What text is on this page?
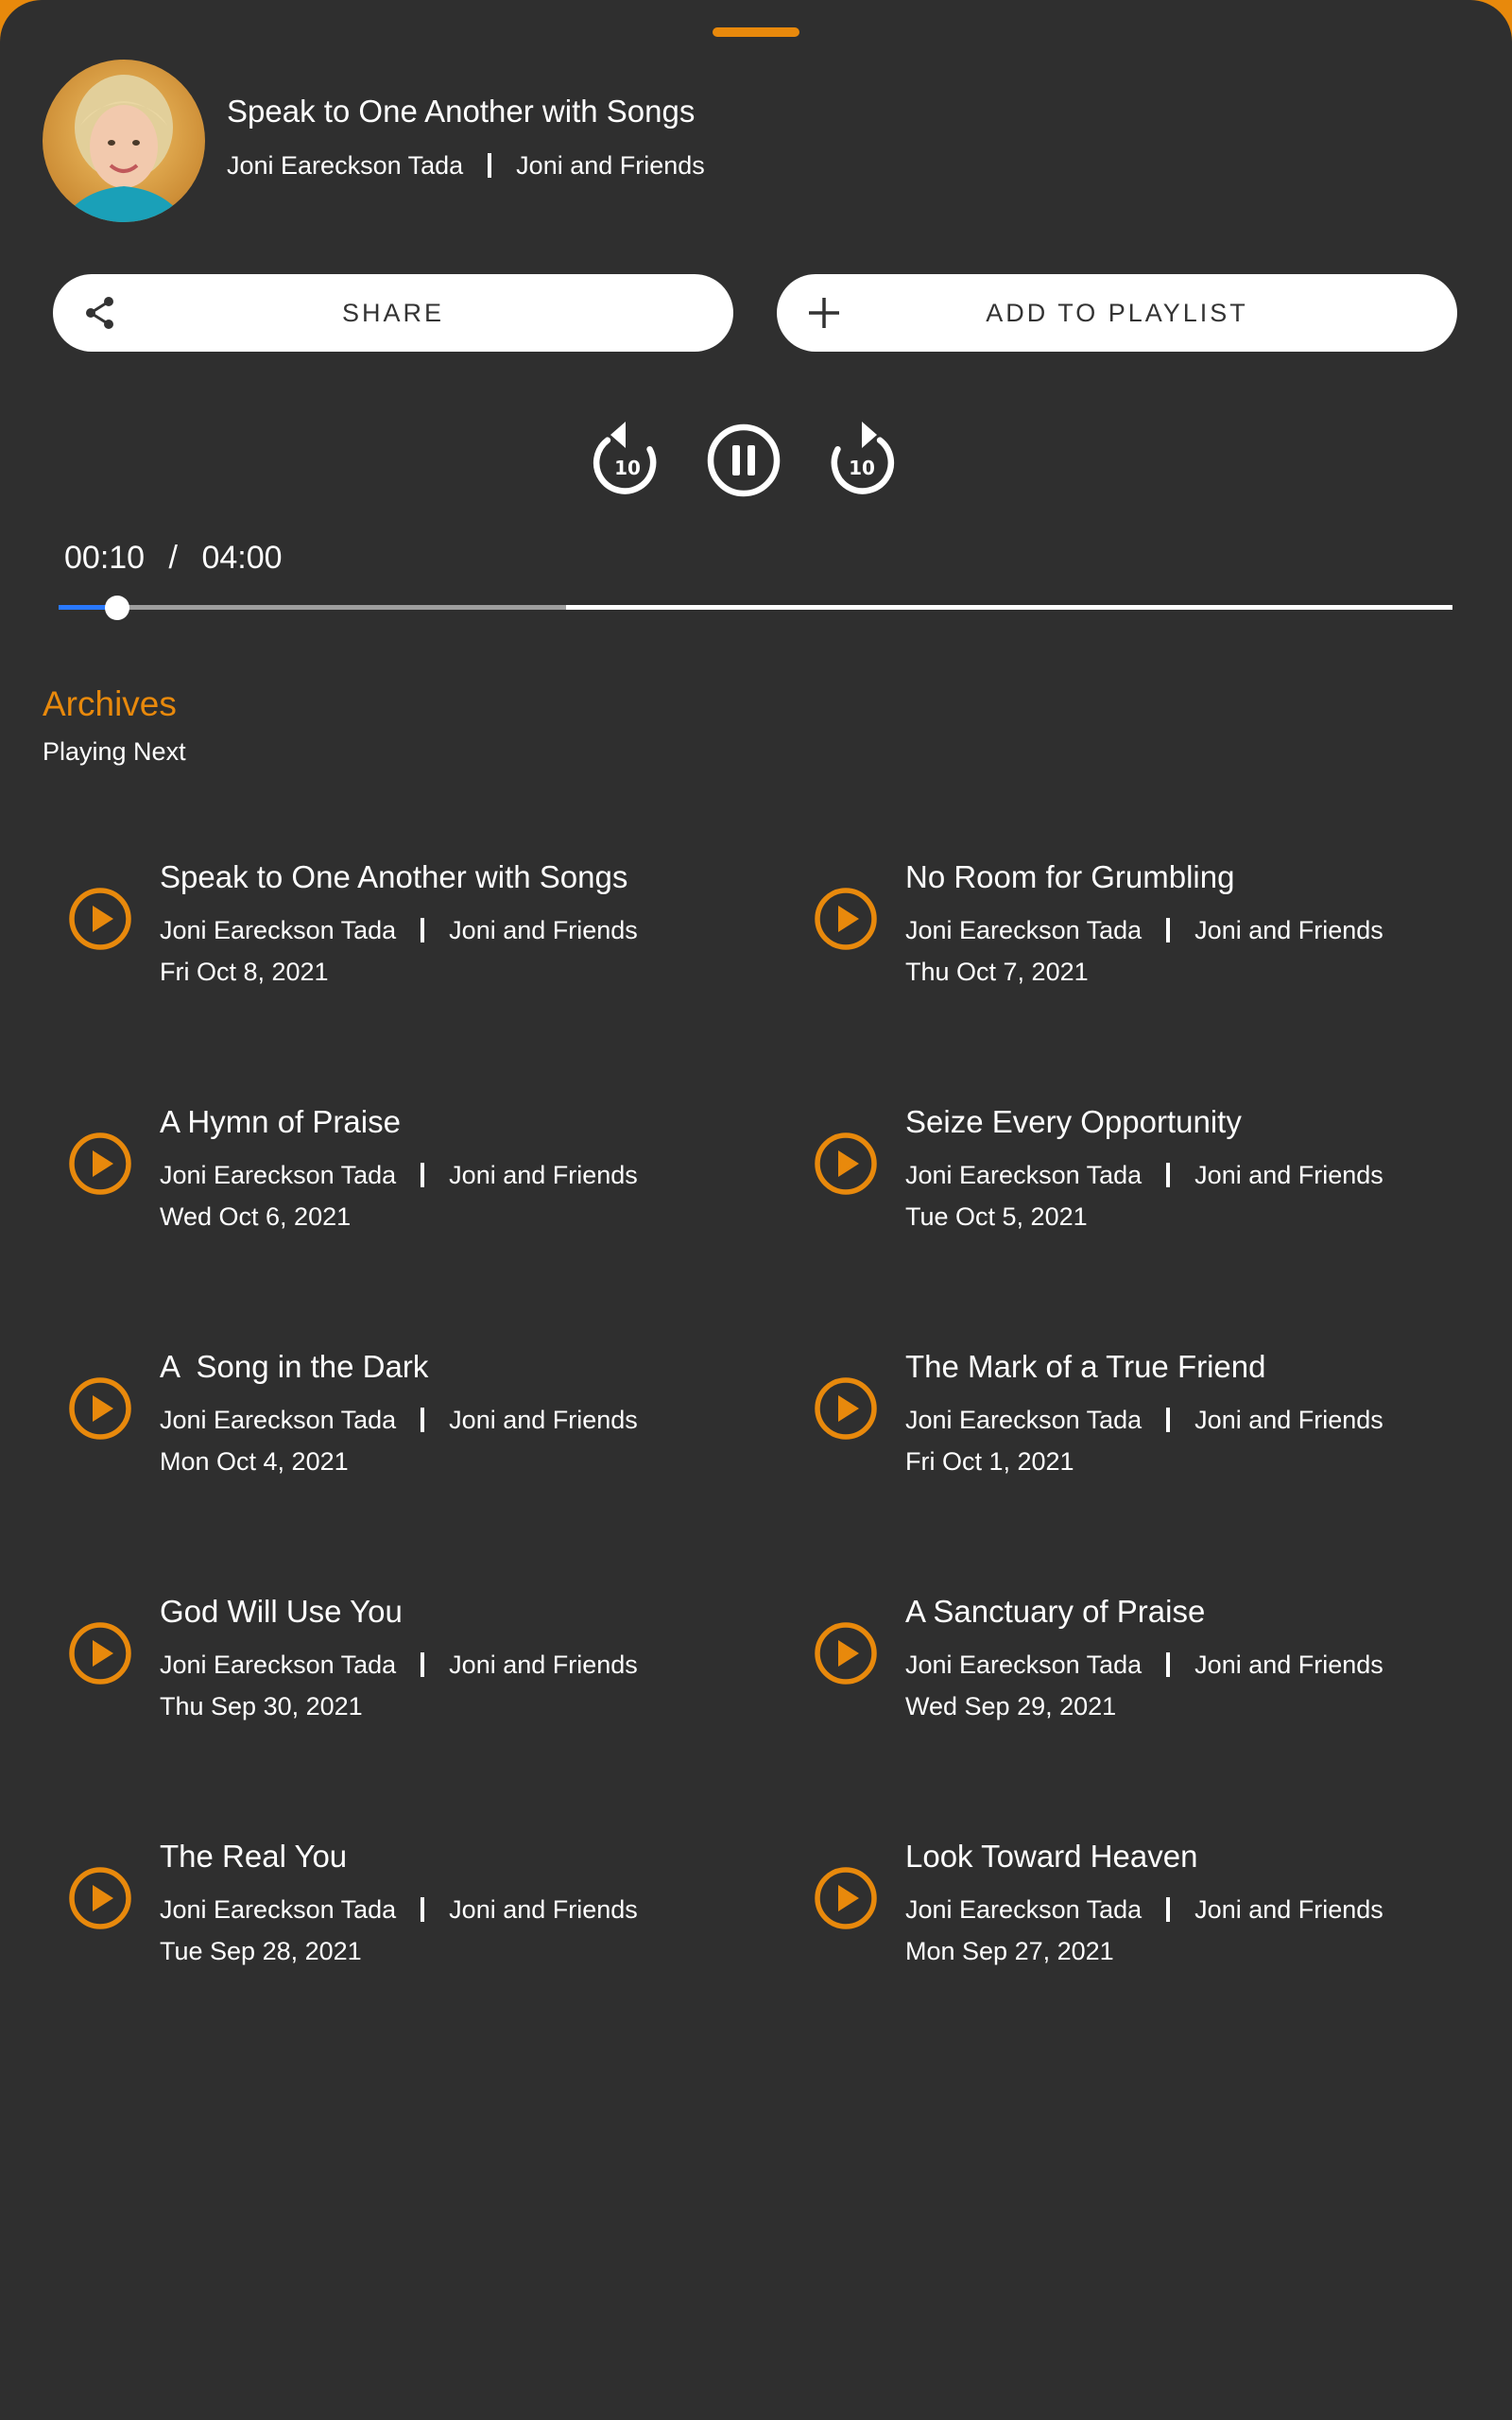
Speak to One Another with Songs
Joni Eareckson Tada Joni and Friends
SHARE	ADD TO PLAYLIST
10	10
00:10 / 04:00
Archives
Playing Next
Speak to One Another with Songs
Joni Eareckson Tada Joni and Friends
Fri Oct 8, 2021
No Room for Grumbling
Joni Eareckson Tada Joni and Friends
Thu Oct 7, 2021
A Hymn of Praise
Joni Eareckson Tada Joni and Friends
Wed Oct 6, 2021
Seize Every Opportunity
Joni Eareckson Tada Joni and Friends
Tue Oct 5, 2021
A  Song in the Dark
Joni Eareckson Tada Joni and Friends
Mon Oct 4, 2021
The Mark of a True Friend
Joni Eareckson Tada Joni and Friends
Fri Oct 1, 2021
God Will Use You
Joni Eareckson Tada Joni and Friends
Thu Sep 30, 2021
A Sanctuary of Praise
Joni Eareckson Tada Joni and Friends
Wed Sep 29, 2021
The Real You
Joni Eareckson Tada Joni and Friends
Tue Sep 28, 2021
Look Toward Heaven
Joni Eareckson Tada Joni and Friends
Mon Sep 27, 2021
